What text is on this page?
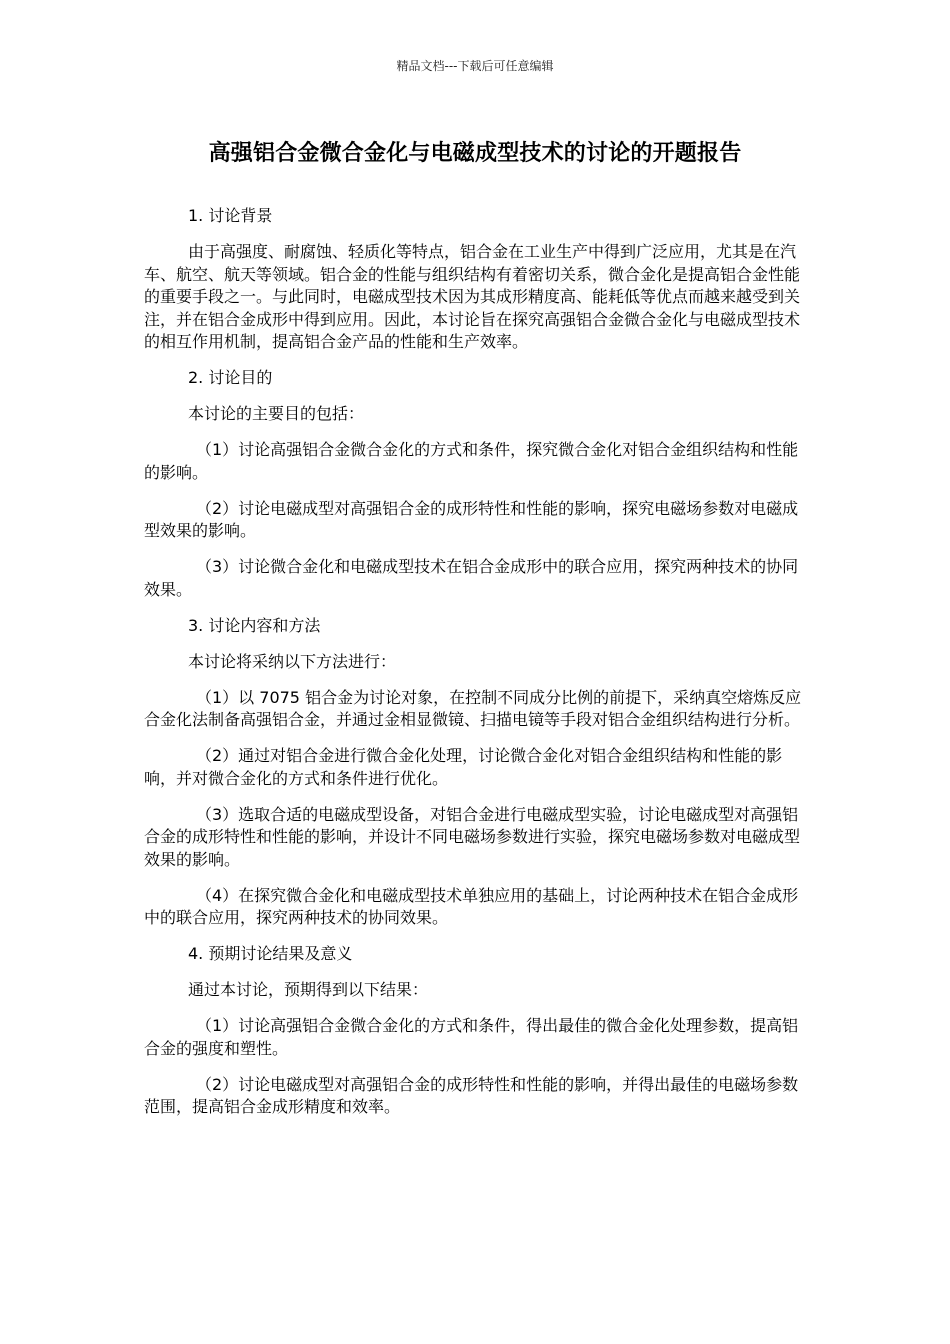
精品文档---下载后可任意编辑
高强铝合金微合金化与电磁成型技术的讨论的开题报告

1. 讨论背景

由于高强度、耐腐蚀、轻质化等特点，铝合金在工业生产中得到广泛应用，尤其是在汽车、航空、航天等领域。铝合金的性能与组织结构有着密切关系，微合金化是提高铝合金性能的重要手段之一。与此同时，电磁成型技术因为其成形精度高、能耗低等优点而越来越受到关注，并在铝合金成形中得到应用。因此，本讨论旨在探究高强铝合金微合金化与电磁成型技术的相互作用机制，提高铝合金产品的性能和生产效率。

2. 讨论目的

本讨论的主要目的包括：

（1）讨论高强铝合金微合金化的方式和条件，探究微合金化对铝合金组织结构和性能的影响。

（2）讨论电磁成型对高强铝合金的成形特性和性能的影响，探究电磁场参数对电磁成型效果的影响。

（3）讨论微合金化和电磁成型技术在铝合金成形中的联合应用，探究两种技术的协同效果。

3. 讨论内容和方法

本讨论将采纳以下方法进行：

（1）以 7075 铝合金为讨论对象，在控制不同成分比例的前提下，采纳真空熔炼反应合金化法制备高强铝合金，并通过金相显微镜、扫描电镜等手段对铝合金组织结构进行分析。

（2）通过对铝合金进行微合金化处理，讨论微合金化对铝合金组织结构和性能的影响，并对微合金化的方式和条件进行优化。

（3）选取合适的电磁成型设备，对铝合金进行电磁成型实验，讨论电磁成型对高强铝合金的成形特性和性能的影响，并设计不同电磁场参数进行实验，探究电磁场参数对电磁成型效果的影响。

（4）在探究微合金化和电磁成型技术单独应用的基础上，讨论两种技术在铝合金成形中的联合应用，探究两种技术的协同效果。

4. 预期讨论结果及意义

通过本讨论，预期得到以下结果：

（1）讨论高强铝合金微合金化的方式和条件，得出最佳的微合金化处理参数，提高铝合金的强度和塑性。

（2）讨论电磁成型对高强铝合金的成形特性和性能的影响，并得出最佳的电磁场参数范围，提高铝合金成形精度和效率。
